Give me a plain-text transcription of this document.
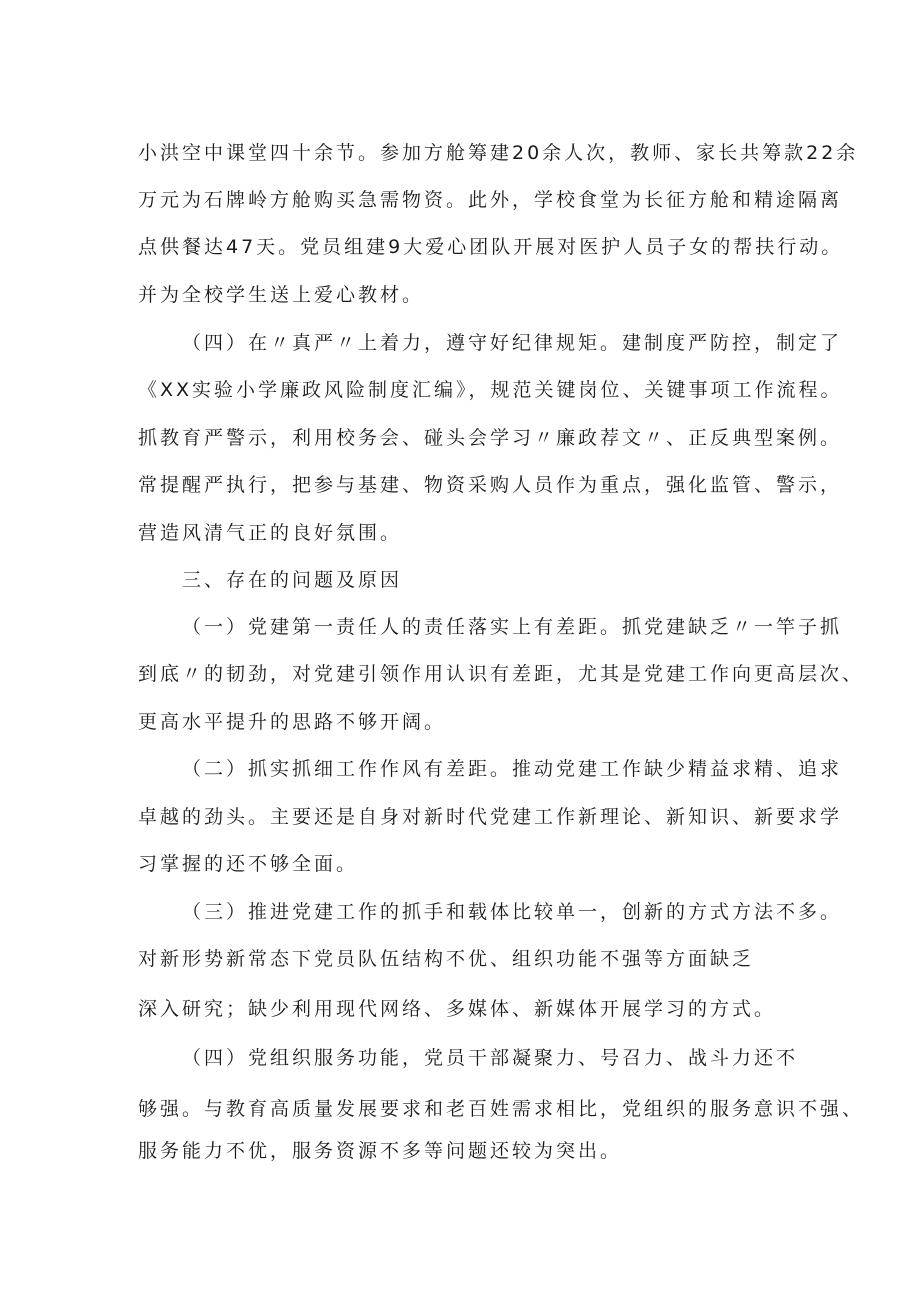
小洪空中课堂四十余节。参加方舱筹建20余人次，教师、家长共筹款22余
万元为石牌岭方舱购买急需物资。此外，学校食堂为长征方舱和精途隔离
点供餐达47天。党员组建9大爱心团队开展对医护人员子女的帮扶行动。
并为全校学生送上爱心教材。
（四）在〃真严〃上着力，遵守好纪律规矩。建制度严防控，制定了
《XX实验小学廉政风险制度汇编》，规范关键岗位、关键事项工作流程。
抓教育严警示，利用校务会、碰头会学习〃廉政荐文〃、正反典型案例。
常提醒严执行，把参与基建、物资采购人员作为重点，强化监管、警示，
营造风清气正的良好氛围。
三、存在的问题及原因
（一）党建第一责任人的责任落实上有差距。抓党建缺乏〃一竿子抓
到底〃的韧劲，对党建引领作用认识有差距，尤其是党建工作向更高层次、
更高水平提升的思路不够开阔。
（二）抓实抓细工作作风有差距。推动党建工作缺少精益求精、追求
卓越的劲头。主要还是自身对新时代党建工作新理论、新知识、新要求学
习掌握的还不够全面。
（三）推进党建工作的抓手和载体比较单一，创新的方式方法不多。
对新形势新常态下党员队伍结构不优、组织功能不强等方面缺乏
深入研究；缺少利用现代网络、多媒体、新媒体开展学习的方式。
（四）党组织服务功能，党员干部凝聚力、号召力、战斗力还不
够强。与教育高质量发展要求和老百姓需求相比，党组织的服务意识不强、
服务能力不优，服务资源不多等问题还较为突出。
